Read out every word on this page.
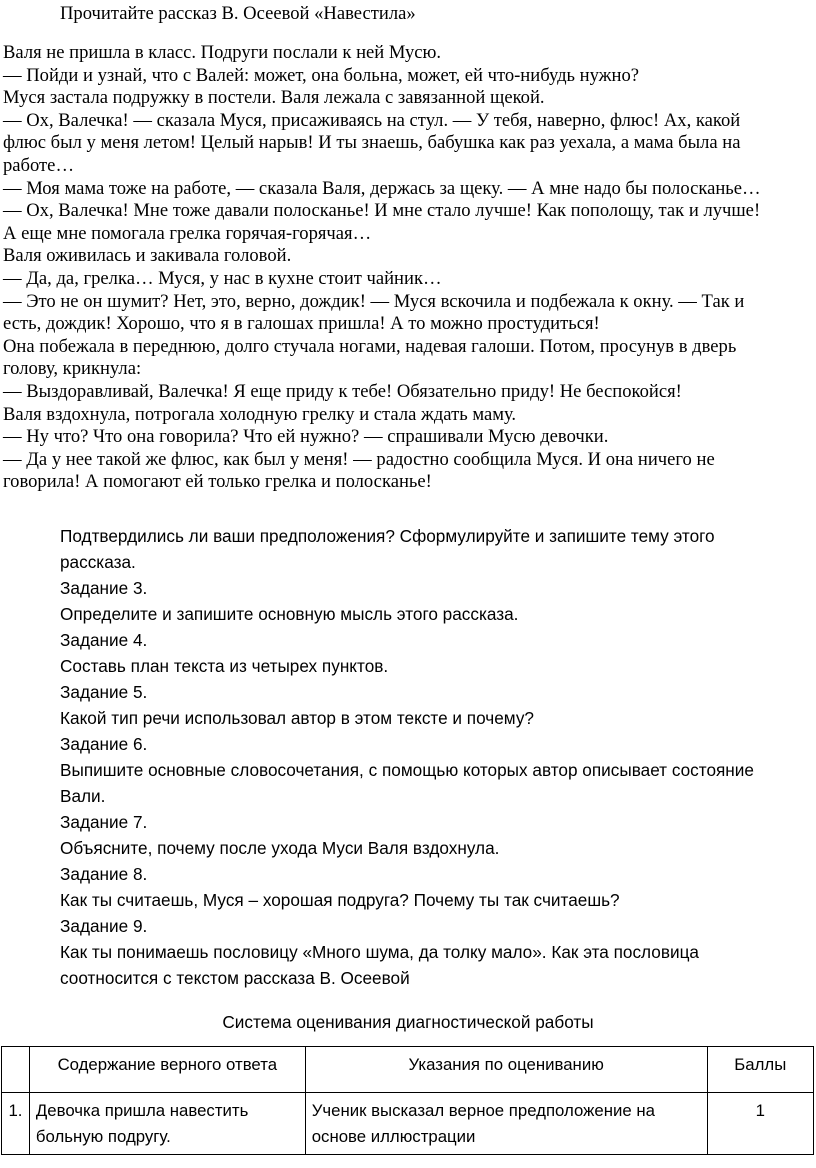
Прочитайте рассказ В. Осеевой «Навестила»
Валя не пришла в класс. Подруги послали к ней Мусю.
— Пойди и узнай, что с Валей: может, она больна, может, ей что-нибудь нужно?
Муся застала подружку в постели. Валя лежала с завязанной щекой.
— Ох, Валечка! — сказала Муся, присаживаясь на стул. — У тебя, наверно, флюс! Ах, какой
флюс был у меня летом! Целый нарыв! И ты знаешь, бабушка как раз уехала, а мама была на
работе…
— Моя мама тоже на работе, — сказала Валя, держась за щеку. — А мне надо бы полосканье…
— Ох, Валечка! Мне тоже давали полосканье! И мне стало лучше! Как пополощу, так и лучше!
А еще мне помогала грелка горячая-горячая…
Валя оживилась и закивала головой.
— Да, да, грелка… Муся, у нас в кухне стоит чайник…
— Это не он шумит? Нет, это, верно, дождик! — Муся вскочила и подбежала к окну. — Так и
есть, дождик! Хорошо, что я в галошах пришла! А то можно простудиться!
Она побежала в переднюю, долго стучала ногами, надевая галоши. Потом, просунув в дверь
голову, крикнула:
— Выздоравливай, Валечка! Я еще приду к тебе! Обязательно приду! Не беспокойся!
Валя вздохнула, потрогала холодную грелку и стала ждать маму.
— Ну что? Что она говорила? Что ей нужно? — спрашивали Мусю девочки.
— Да у нее такой же флюс, как был у меня! — радостно сообщила Муся. И она ничего не
говорила! А помогают ей только грелка и полосканье!
Подтвердились ли ваши предположения? Сформулируйте и запишите тему этого
рассказа.
Задание 3.
Определите и запишите основную мысль этого рассказа.
Задание 4.
Составь план текста из четырех пунктов.
Задание 5.
Какой тип речи использовал автор в этом тексте и почему?
Задание 6.
Выпишите основные словосочетания, с помощью которых автор описывает состояние
Вали.
Задание 7.
Объясните, почему после ухода Муси Валя вздохнула.
Задание 8.
Как ты считаешь, Муся – хорошая подруга? Почему ты так считаешь?
Задание 9.
Как ты понимаешь пословицу «Много шума, да толку мало». Как эта пословица
соотносится с текстом рассказа В. Осеевой
Система оценивания диагностической работы
	Содержание верного ответа	Указания по оцениванию	Баллы
1.	Девочка пришла навестить больную подругу.	Ученик высказал верное предположение на основе иллюстрации	1
